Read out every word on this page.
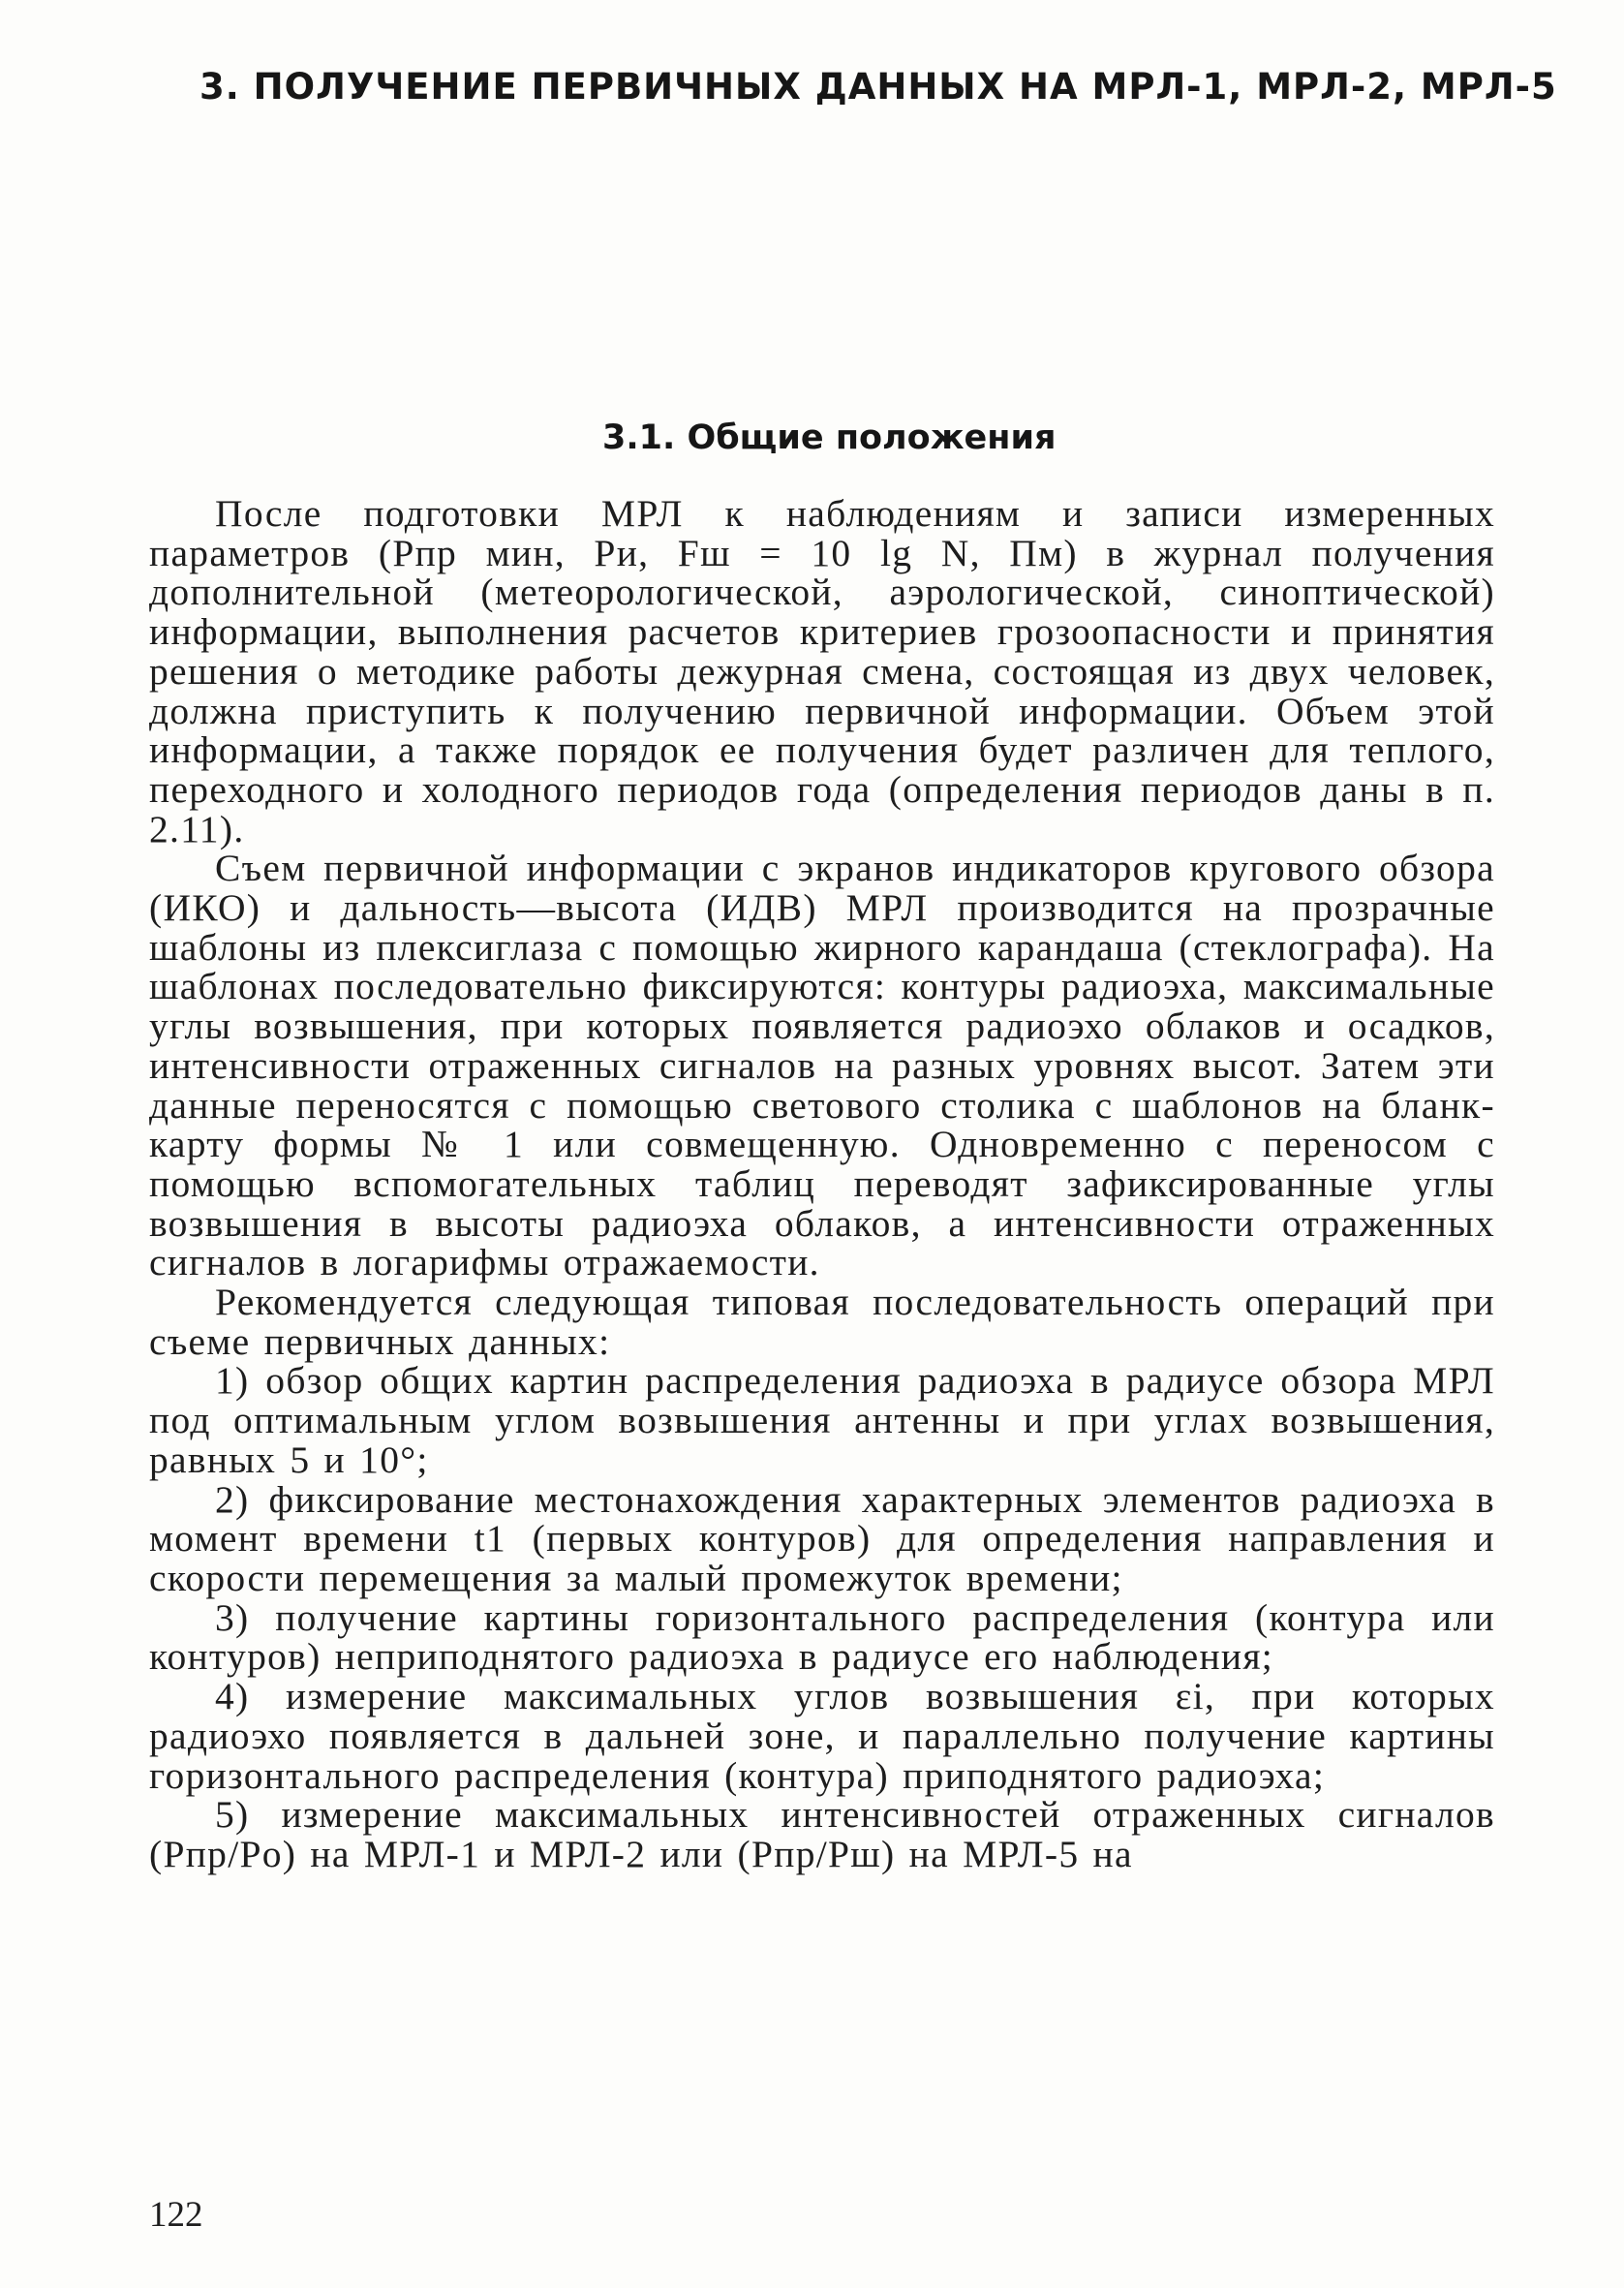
3. ПОЛУЧЕНИЕ ПЕРВИЧНЫХ ДАННЫХ НА МРЛ-1, МРЛ-2, МРЛ-5
3.1. Общие положения

После подготовки МРЛ к наблюдениям и записи измеренных параметров (Pпр мин, Pи, Fш = 10 lg N, Пм) в журнал получения дополнительной (метеорологической, аэрологической, синоптической) информации, выполнения расчетов критериев грозоопасности и принятия решения о методике работы дежурная смена, состоящая из двух человек, должна приступить к получению первичной информации. Объем этой информации, а также порядок ее получения будет различен для теплого, переходного и холодного периодов года (определения периодов даны в п. 2.11).

Съем первичной информации с экранов индикаторов кругового обзора (ИКО) и дальность—высота (ИДВ) МРЛ производится на прозрачные шаблоны из плексиглаза с помощью жирного карандаша (стеклографа). На шаблонах последовательно фиксируются: контуры радиоэха, максимальные углы возвышения, при которых появляется радиоэхо облаков и осадков, интенсивности отраженных сигналов на разных уровнях высот. Затем эти данные переносятся с помощью светового столика с шаблонов на бланк-карту формы № 1 или совмещенную. Одновременно с переносом с помощью вспомогательных таблиц переводят зафиксированные углы возвышения в высоты радиоэха облаков, а интенсивности отраженных сигналов в логарифмы отражаемости.

Рекомендуется следующая типовая последовательность операций при съеме первичных данных:

1) обзор общих картин распределения радиоэха в радиусе обзора МРЛ под оптимальным углом возвышения антенны и при углах возвышения, равных 5 и 10°;

2) фиксирование местонахождения характерных элементов радиоэха в момент времени t1 (первых контуров) для определения направления и скорости перемещения за малый промежуток времени;

3) получение картины горизонтального распределения (контура или контуров) неприподнятого радиоэха в радиусе его наблюдения;

4) измерение максимальных углов возвышения εi, при которых радиоэхо появляется в дальней зоне, и параллельно получение картины горизонтального распределения (контура) приподнятого радиоэха;

5) измерение максимальных интенсивностей отраженных сигналов (Pпр/Pо) на МРЛ-1 и МРЛ-2 или (Pпр/Pш) на МРЛ-5 на

122
